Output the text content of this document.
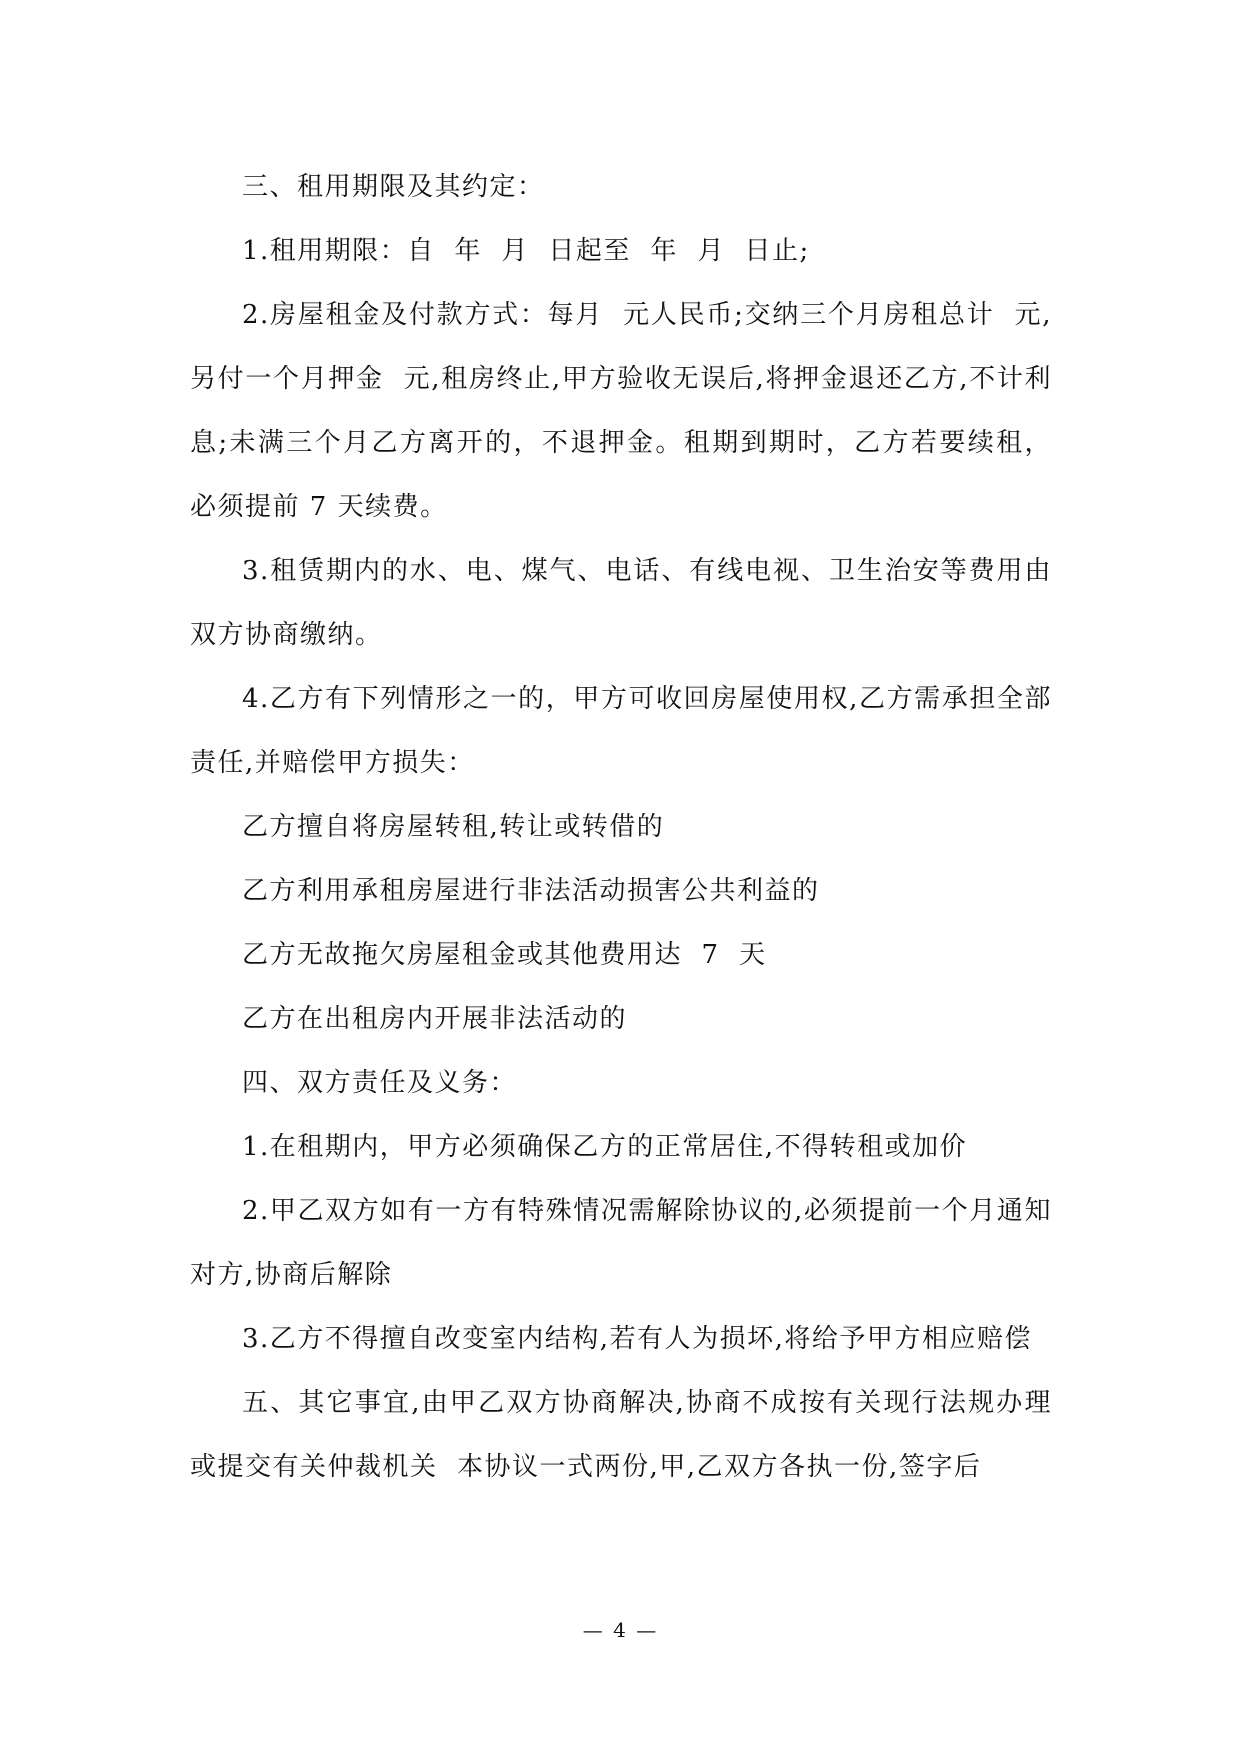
三、租用期限及其约定：

1.租用期限：自  年  月  日起至  年  月  日止;

2.房屋租金及付款方式：每月  元人民币;交纳三个月房租总计  元,另付一个月押金  元,租房终止,甲方验收无误后,将押金退还乙方,不计利息;未满三个月乙方离开的，不退押金。租期到期时，乙方若要续租，必须提前 7 天续费。

3.租赁期内的水、电、煤气、电话、有线电视、卫生治安等费用由双方协商缴纳。

4.乙方有下列情形之一的，甲方可收回房屋使用权,乙方需承担全部责任,并赔偿甲方损失：

乙方擅自将房屋转租,转让或转借的

乙方利用承租房屋进行非法活动损害公共利益的

乙方无故拖欠房屋租金或其他费用达  7  天

乙方在出租房内开展非法活动的

四、双方责任及义务：

1.在租期内，甲方必须确保乙方的正常居住,不得转租或加价

2.甲乙双方如有一方有特殊情况需解除协议的,必须提前一个月通知对方,协商后解除

3.乙方不得擅自改变室内结构,若有人为损坏,将给予甲方相应赔偿

五、其它事宜,由甲乙双方协商解决,协商不成按有关现行法规办理或提交有关仲裁机关  本协议一式两份,甲,乙双方各执一份,签字后

— 4 —
